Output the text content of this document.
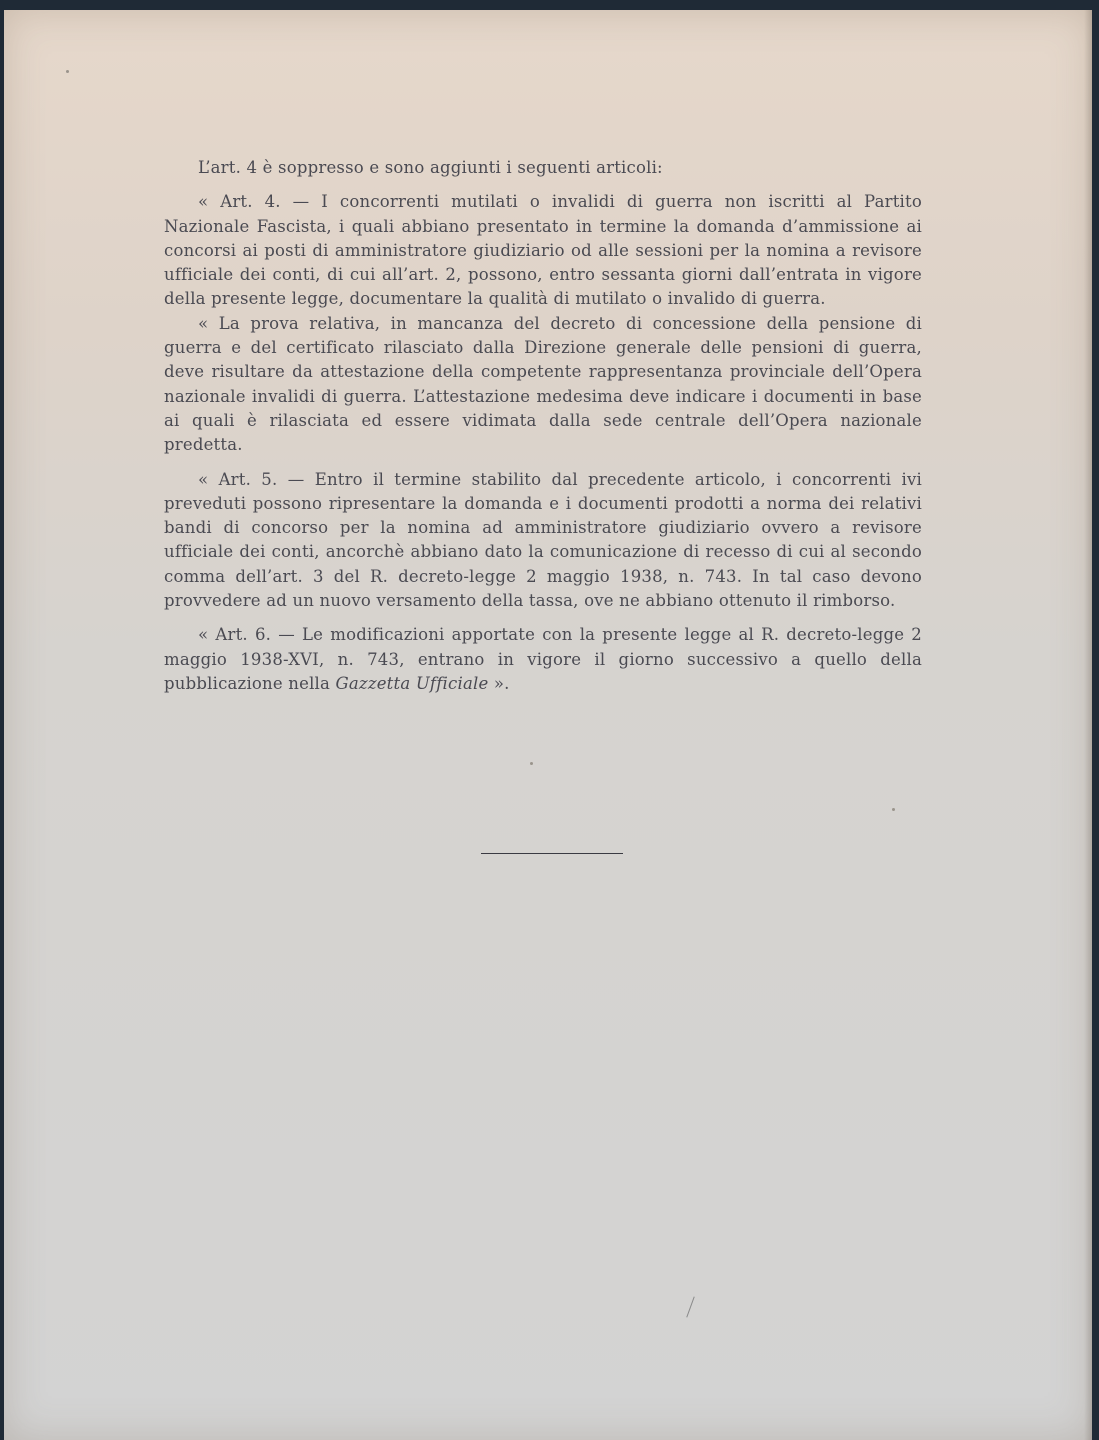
L’art. 4 è soppresso e sono aggiunti i seguenti articoli:

« Art. 4. — I concorrenti mutilati o invalidi di guerra non iscritti al Partito Nazionale Fascista, i quali abbiano presentato in termine la domanda d’ammissione ai concorsi ai posti di amministratore giudiziario od alle sessioni per la nomina a revisore ufficiale dei conti, di cui all’art. 2, possono, entro sessanta giorni dall’entrata in vigore della presente legge, documentare la qualità di mutilato o invalido di guerra.

« La prova relativa, in mancanza del decreto di concessione della pensione di guerra e del certificato rilasciato dalla Direzione generale delle pensioni di guerra, deve risultare da attestazione della competente rappresentanza provinciale dell’Opera nazionale invalidi di guerra. L’attestazione medesima deve indicare i documenti in base ai quali è rilasciata ed essere vidimata dalla sede centrale dell’Opera nazionale predetta.

« Art. 5. — Entro il termine stabilito dal precedente articolo, i concorrenti ivi preveduti possono ripresentare la domanda e i documenti prodotti a norma dei relativi bandi di concorso per la nomina ad amministratore giudiziario ovvero a revisore ufficiale dei conti, ancorchè abbiano dato la comunicazione di recesso di cui al secondo comma dell’art. 3 del R. decreto-legge 2 maggio 1938, n. 743. In tal caso devono provvedere ad un nuovo versamento della tassa, ove ne abbiano ottenuto il rimborso.

« Art. 6. — Le modificazioni apportate con la presente legge al R. decreto-legge 2 maggio 1938-XVI, n. 743, entrano in vigore il giorno successivo a quello della pubblicazione nella Gazzetta Ufficiale ».
